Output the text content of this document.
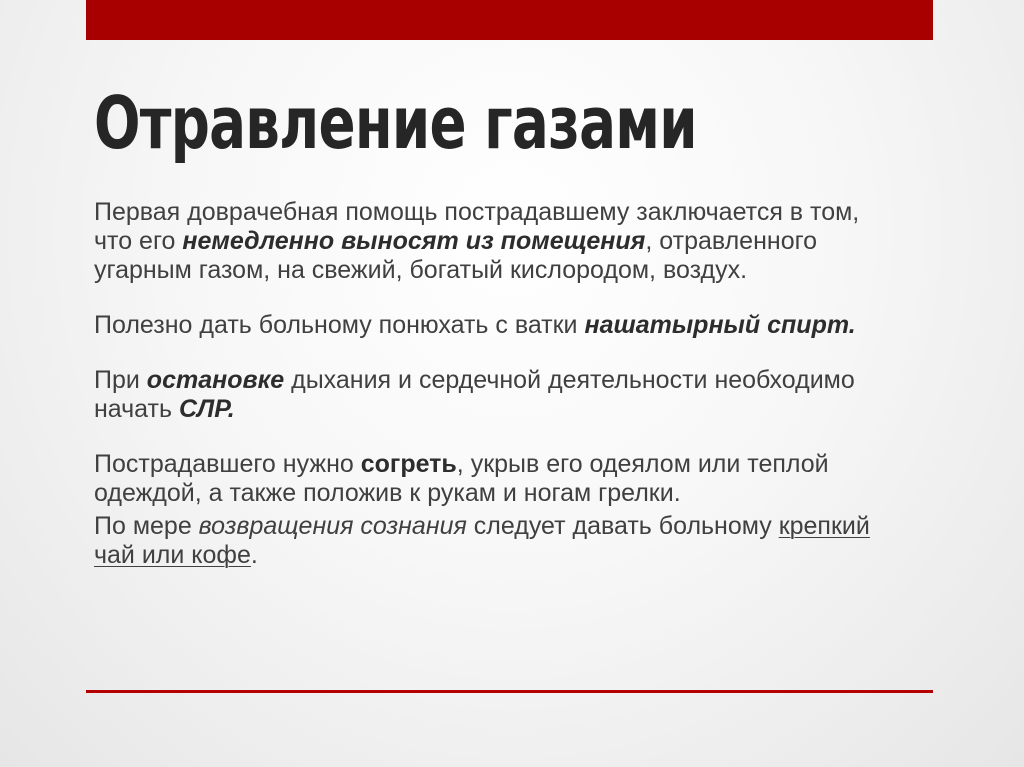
Отравление газами

Первая доврачебная помощь пострадавшему заключается в том, что его немедленно выносят из помещения, отравленного угарным газом, на свежий, богатый кислородом, воздух.

Полезно дать больному понюхать с ватки нашатырный спирт.

При остановке дыхания и сердечной деятельности необходимо начать СЛР.

Пострадавшего нужно согреть, укрыв его одеялом или теплой одеждой, а также положив к рукам и ногам грелки.

По мере возвращения сознания следует давать больному крепкий чай или кофе.
